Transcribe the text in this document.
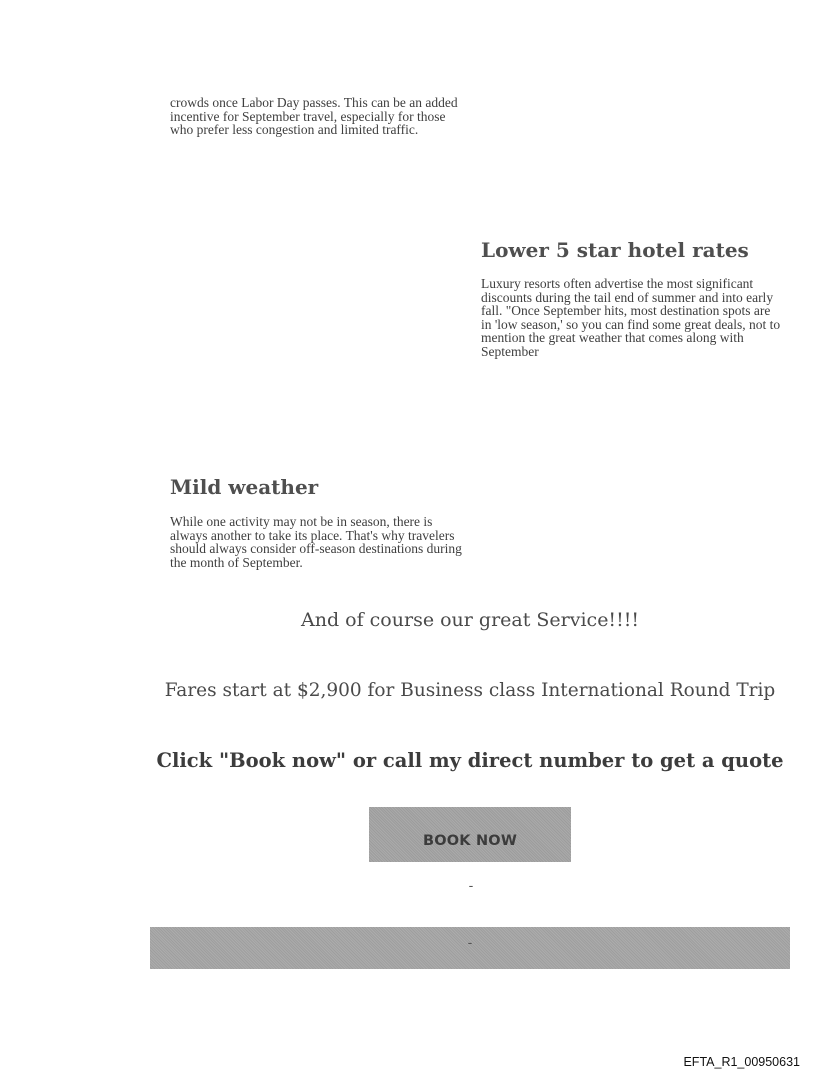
crowds once Labor Day passes. This can be an added incentive for September travel, especially for those who prefer less congestion and limited traffic.

Lower 5 star hotel rates

Luxury resorts often advertise the most significant discounts during the tail end of summer and into early fall. "Once September hits, most destination spots are in 'low season,' so you can find some great deals, not to mention the great weather that comes along with September

Mild weather

While one activity may not be in season, there is always another to take its place. That's why travelers should always consider off-season destinations during the month of September.

And of course our great Service!!!!

Fares start at $2,900 for Business class International Round Trip

Click "Book now" or call my direct number to get a quote

BOOK NOW
-
-
EFTA_R1_00950631
